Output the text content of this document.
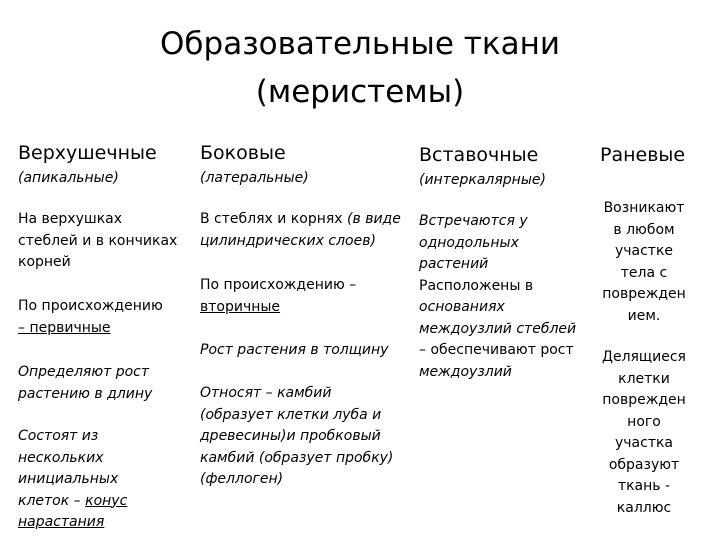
Образовательные ткани
(меристемы)
Верхушечные
(апикальные)
На верхушках
стеблей и в кончиках
корней
По происхождению
– первичные
Определяют рост
растению в длину
Состоят из
нескольких
инициальных
клеток – конус
нарастания
Боковые
(латеральные)
В стеблях и корнях (в виде
цилиндрических слоев)
По происхождению –
вторичные
Рост растения в толщину
Относят – камбий
(образует клетки луба и
древесины)и пробковый
камбий (образует пробку)
(феллоген)
Вставочные
(интеркалярные)
Встречаются у
однодольных
растений
Расположены в
основаниях
междоузлий стеблей
– обеспечивают рост
междоузлий
Раневые
Возникают
в любом
участке
тела с
поврежден
ием.
Делящиеся
клетки
поврежден
ного
участка
образуют
ткань -
каллюс
